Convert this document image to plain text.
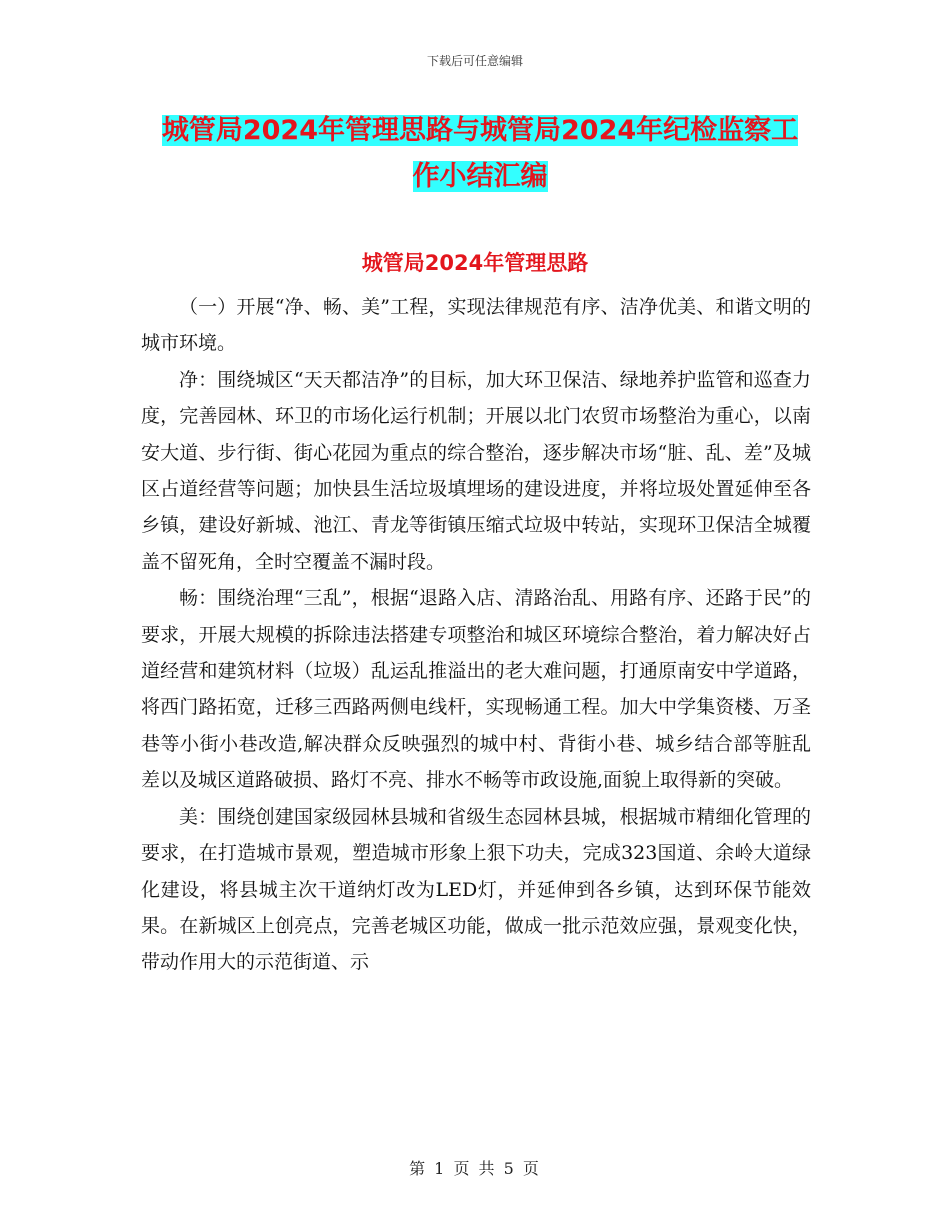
下载后可任意编辑
城管局2024年管理思路与城管局2024年纪检监察工
作小结汇编
城管局2024年管理思路

（一）开展“净、畅、美”工程，实现法律规范有序、洁净优美、和谐文明的城市环境。

净：围绕城区“天天都洁净”的目标，加大环卫保洁、绿地养护监管和巡查力度，完善园林、环卫的市场化运行机制；开展以北门农贸市场整治为重心，以南安大道、步行街、街心花园为重点的综合整治，逐步解决市场“脏、乱、差”及城区占道经营等问题；加快县生活垃圾填埋场的建设进度，并将垃圾处置延伸至各乡镇，建设好新城、池江、青龙等街镇压缩式垃圾中转站，实现环卫保洁全城覆盖不留死角，全时空覆盖不漏时段。

畅：围绕治理“三乱”，根据“退路入店、清路治乱、用路有序、还路于民”的要求，开展大规模的拆除违法搭建专项整治和城区环境综合整治，着力解决好占道经营和建筑材料（垃圾）乱运乱推溢出的老大难问题，打通原南安中学道路，将西门路拓宽，迁移三西路两侧电线杆，实现畅通工程。加大中学集资楼、万圣巷等小街小巷改造,解决群众反映强烈的城中村、背街小巷、城乡结合部等脏乱差以及城区道路破损、路灯不亮、排水不畅等市政设施,面貌上取得新的突破。

美：围绕创建国家级园林县城和省级生态园林县城，根据城市精细化管理的要求，在打造城市景观，塑造城市形象上狠下功夫，完成323国道、余岭大道绿化建设，将县城主次干道纳灯改为LED灯，并延伸到各乡镇，达到环保节能效果。在新城区上创亮点，完善老城区功能，做成一批示范效应强，景观变化快，带动作用大的示范街道、示

第 1 页 共 5 页
